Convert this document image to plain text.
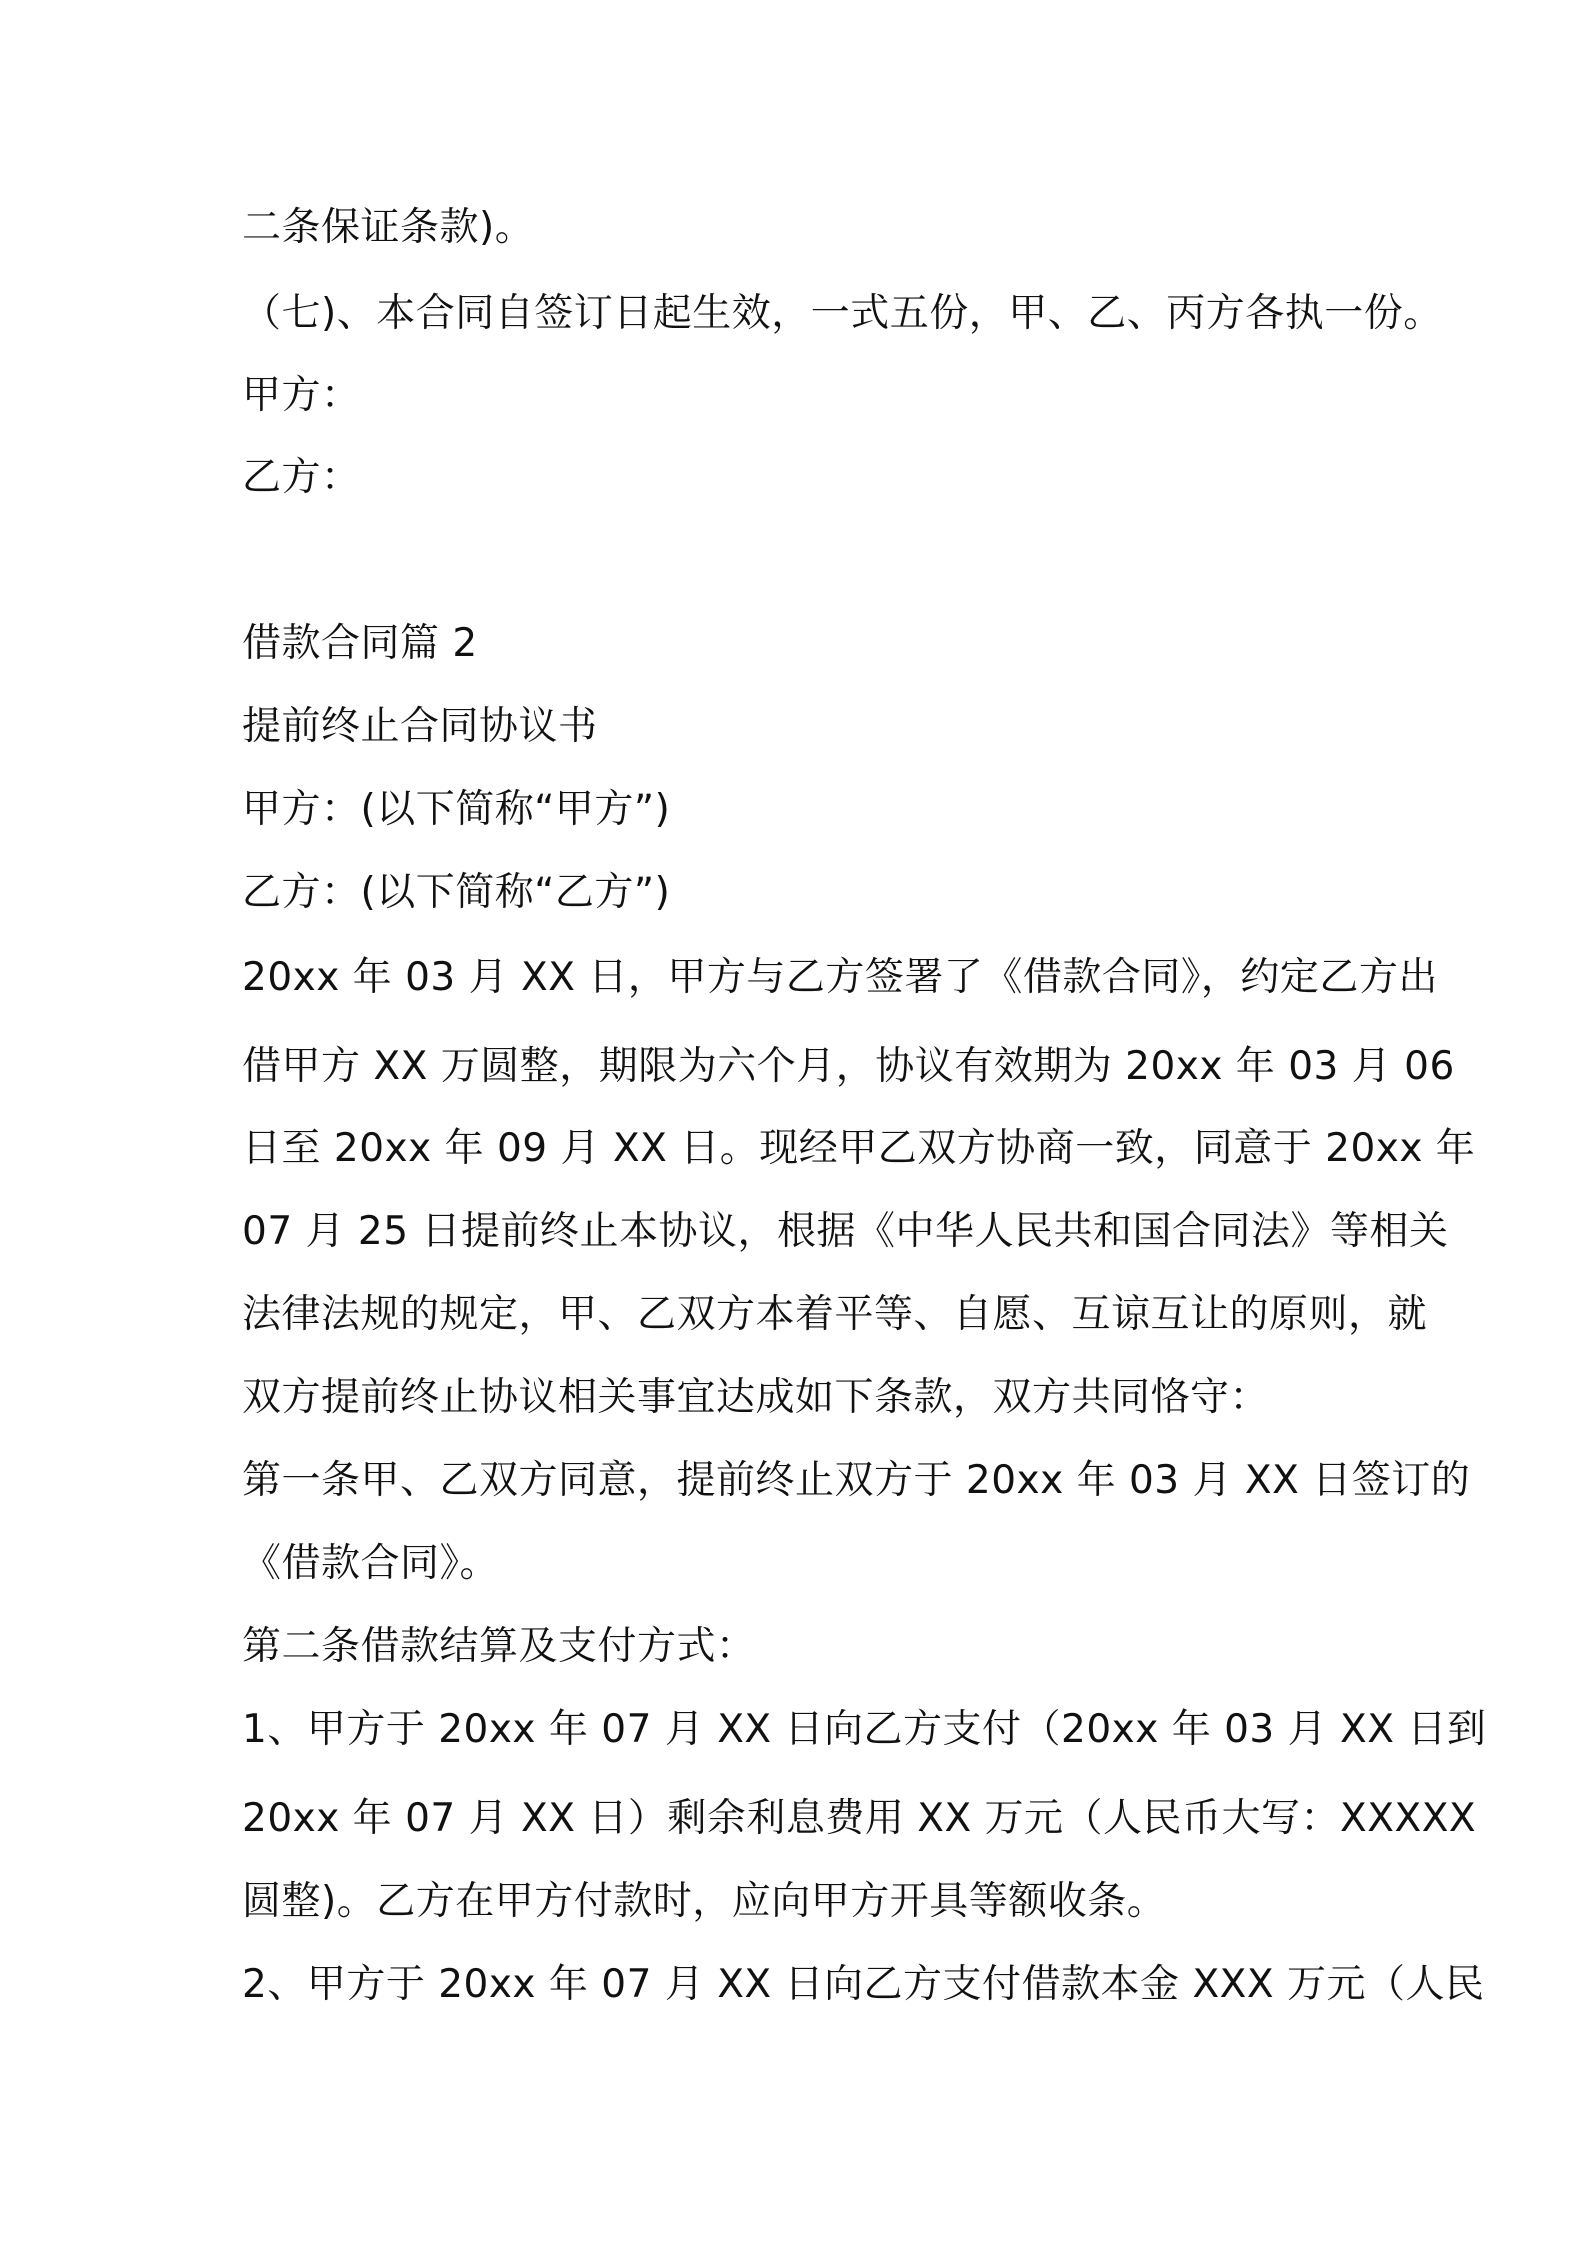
二条保证条款)。
（七)、本合同自签订日起生效，一式五份，甲、乙、丙方各执一份。
甲方：
乙方：
借款合同篇 2
提前终止合同协议书
甲方：(以下简称“甲方”)
乙方：(以下简称“乙方”)
20xx 年 03 月 XX 日，甲方与乙方签署了《借款合同》，约定乙方出
借甲方 XX 万圆整，期限为六个月，协议有效期为 20xx 年 03 月 06
日至 20xx 年 09 月 XX 日。现经甲乙双方协商一致，同意于 20xx 年
07 月 25 日提前终止本协议，根据《中华人民共和国合同法》等相关
法律法规的规定，甲、乙双方本着平等、自愿、互谅互让的原则，就
双方提前终止协议相关事宜达成如下条款，双方共同恪守：
第一条甲、乙双方同意，提前终止双方于 20xx 年 03 月 XX 日签订的
《借款合同》。
第二条借款结算及支付方式：
1、甲方于 20xx 年 07 月 XX 日向乙方支付（20xx 年 03 月 XX 日到
20xx 年 07 月 XX 日）剩余利息费用 XX 万元（人民币大写：XXXXX
圆整)。乙方在甲方付款时，应向甲方开具等额收条。
2、甲方于 20xx 年 07 月 XX 日向乙方支付借款本金 XXX 万元（人民
